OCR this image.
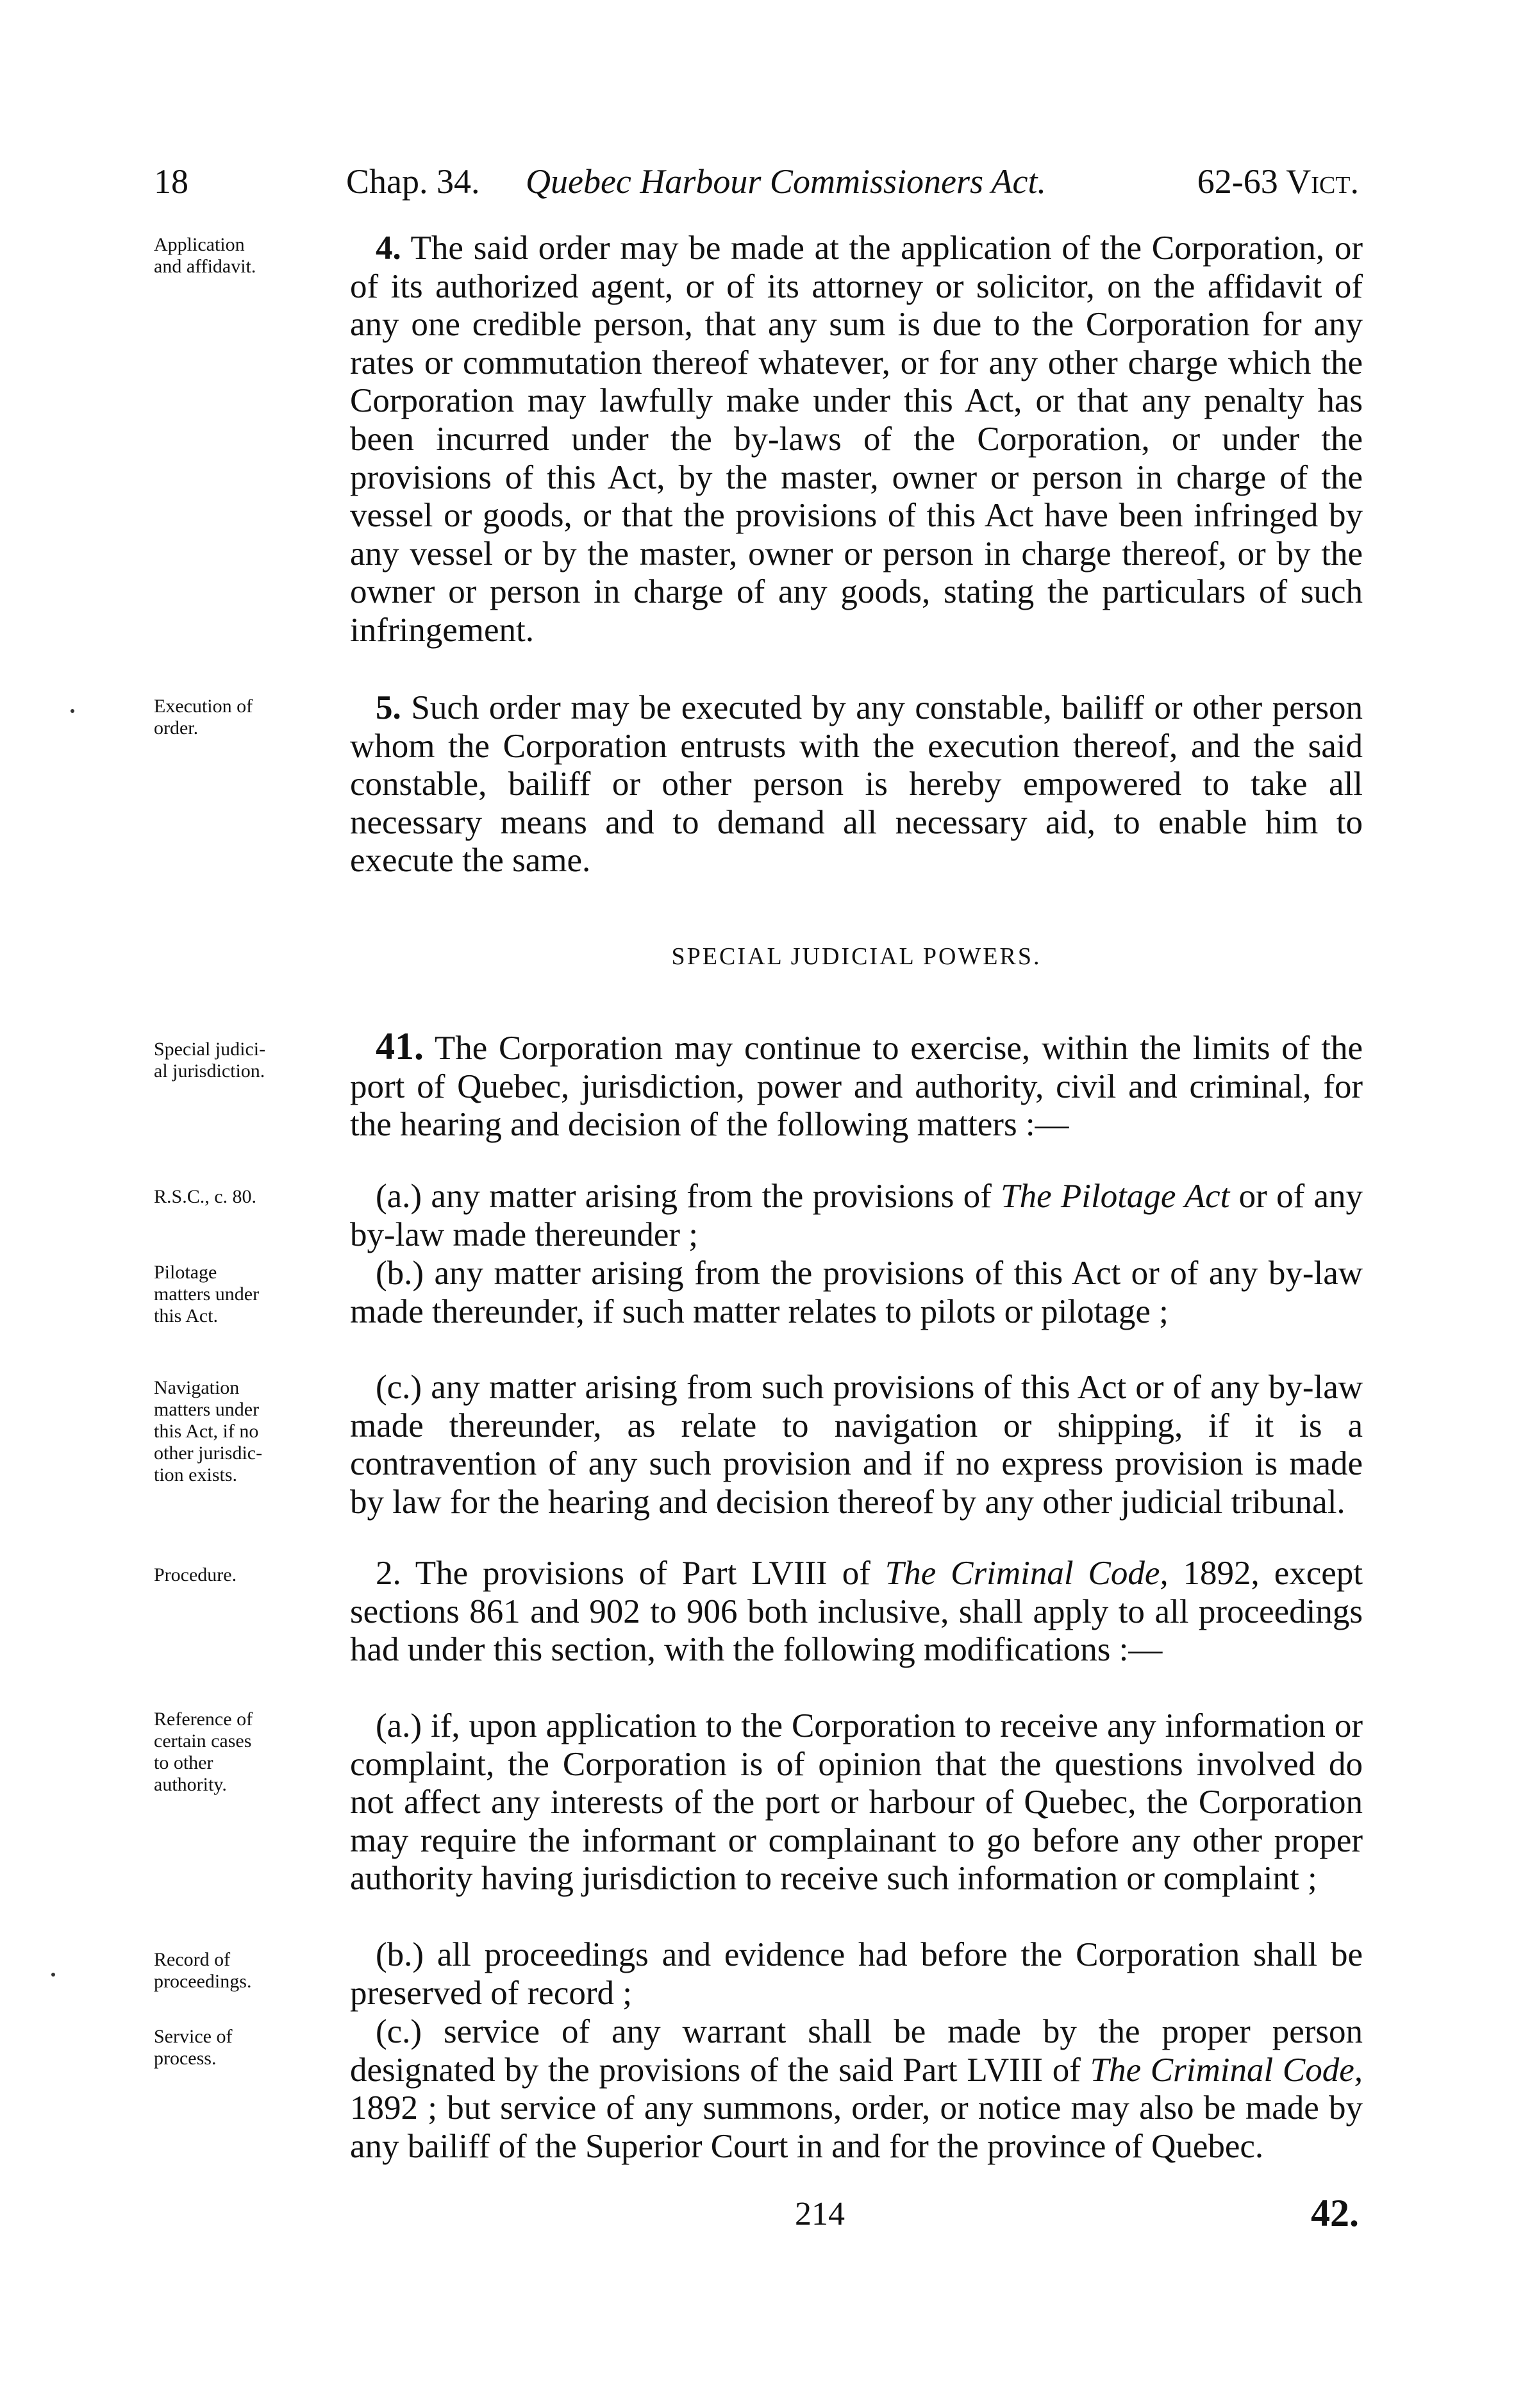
18	Chap. 34. Quebec Harbour Commissioners Act.	62-63 Vict.
Application
and affidavit.	4. The said order may be made at the application of the Corporation, or of its authorized agent, or of its attorney or solicitor, on the affidavit of any one credible person, that any sum is due to the Corporation for any rates or commutation thereof whatever, or for any other charge which the Corporation may lawfully make under this Act, or that any penalty has been incurred under the by-laws of the Corporation, or under the provisions of this Act, by the master, owner or person in charge of the vessel or goods, or that the provisions of this Act have been infringed by any vessel or by the master, owner or person in charge thereof, or by the owner or person in charge of any goods, stating the particulars of such infringement.

Execution of
order.

5. Such order may be executed by any constable, bailiff or other person whom the Corporation entrusts with the execution thereof, and the said constable, bailiff or other person is hereby empowered to take all necessary means and to demand all necessary aid, to enable him to execute the same.

SPECIAL JUDICIAL POWERS.
Special judici-
al jurisdiction.

41. The Corporation may continue to exercise, within the limits of the port of Quebec, jurisdiction, power and authority, civil and criminal, for the hearing and decision of the following matters :—

R.S.C., c. 80.	(a.) any matter arising from the provisions of The Pilotage Act or of any by-law made thereunder ;

Pilotage
matters under
this Act.

(b.) any matter arising from the provisions of this Act or of any by-law made thereunder, if such matter relates to pilots or pilotage ;

Navigation
matters under
this Act, if no
other jurisdic-
tion exists.

(c.) any matter arising from such provisions of this Act or of any by-law made thereunder, as relate to navigation or shipping, if it is a contravention of any such provision and if no express provision is made by law for the hearing and decision thereof by any other judicial tribunal.

Procedure.	2. The provisions of Part LVIII of The Criminal Code, 1892, except sections 861 and 902 to 906 both inclusive, shall apply to all proceedings had under this section, with the following modifications :—

Reference of
certain cases
to other
authority.

(a.) if, upon application to the Corporation to receive any information or complaint, the Corporation is of opinion that the questions involved do not affect any interests of the port or harbour of Quebec, the Corporation may require the informant or complainant to go before any other proper authority having jurisdiction to receive such information or complaint ;

Record of
proceedings.

(b.) all proceedings and evidence had before the Corporation shall be preserved of record ;

Service of
process.

(c.) service of any warrant shall be made by the proper person designated by the provisions of the said Part LVIII of The Criminal Code, 1892 ; but service of any summons, order, or notice may also be made by any bailiff of the Superior Court in and for the province of Quebec.

214	42.
